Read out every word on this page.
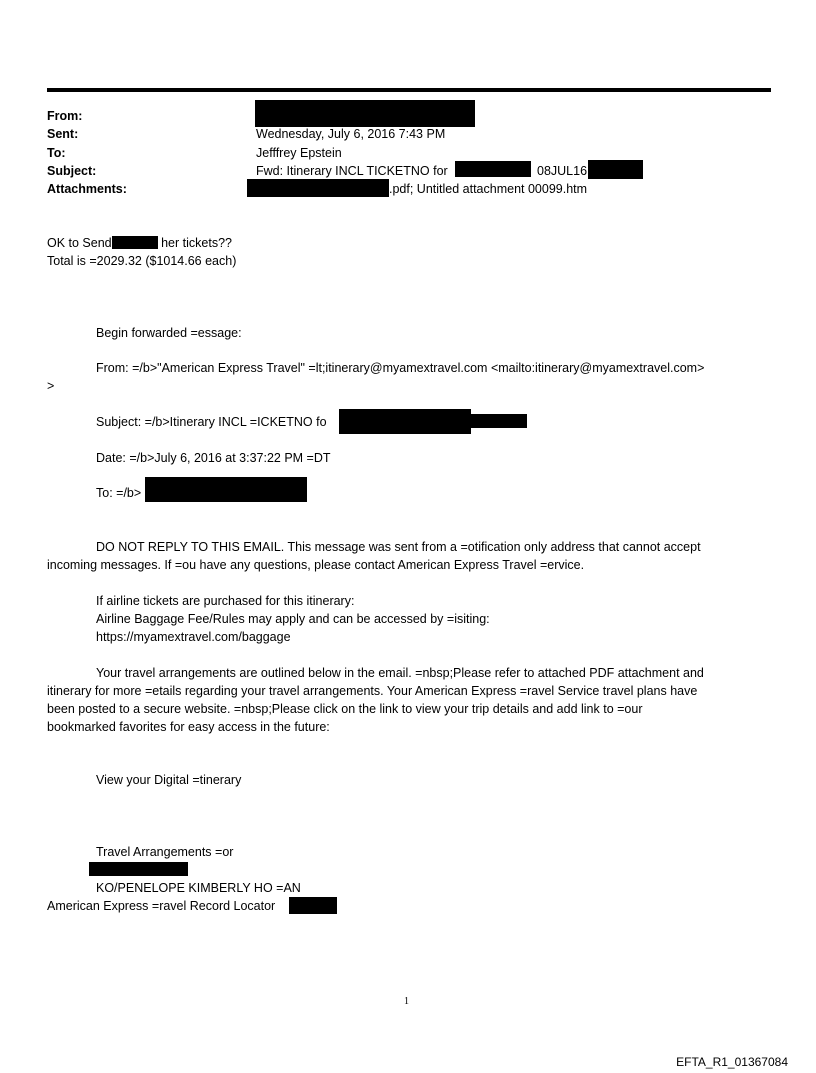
From:
Sent:
To:
Subject:
Attachments:
Wednesday, July 6, 2016 7:43 PM
Jefffrey Epstein
Fwd: Itinerary INCL TICKETNO for	08JUL16
.pdf; Untitled attachment 00099.htm
OK to Send	her tickets??
Total is =2029.32 ($1014.66 each)
Begin forwarded =essage:
From: =/b>"American Express Travel" =lt;itinerary@myamextravel.com <mailto:itinerary@myamextravel.com>
>
Subject: =/b>Itinerary INCL =ICKETNO fo
Date: =/b>July 6, 2016 at 3:37:22 PM =DT
To: =/b>
DO NOT REPLY TO THIS EMAIL. This message was sent from a =otification only address that cannot accept
incoming messages. If =ou have any questions, please contact American Express Travel =ervice.
If airline tickets are purchased for this itinerary:
Airline Baggage Fee/Rules may apply and can be accessed by =isiting:
https://myamextravel.com/baggage
Your travel arrangements are outlined below in the email. =nbsp;Please refer to attached PDF attachment and
itinerary for more =etails regarding your travel arrangements. Your American Express =ravel Service travel plans have
been posted to a secure website. =nbsp;Please click on the link to view your trip details and add link to =our
bookmarked favorites for easy access in the future:
View your Digital =tinerary
Travel Arrangements =or
KO/PENELOPE KIMBERLY HO =AN
American Express =ravel Record Locator
1
EFTA_R1_01367084
